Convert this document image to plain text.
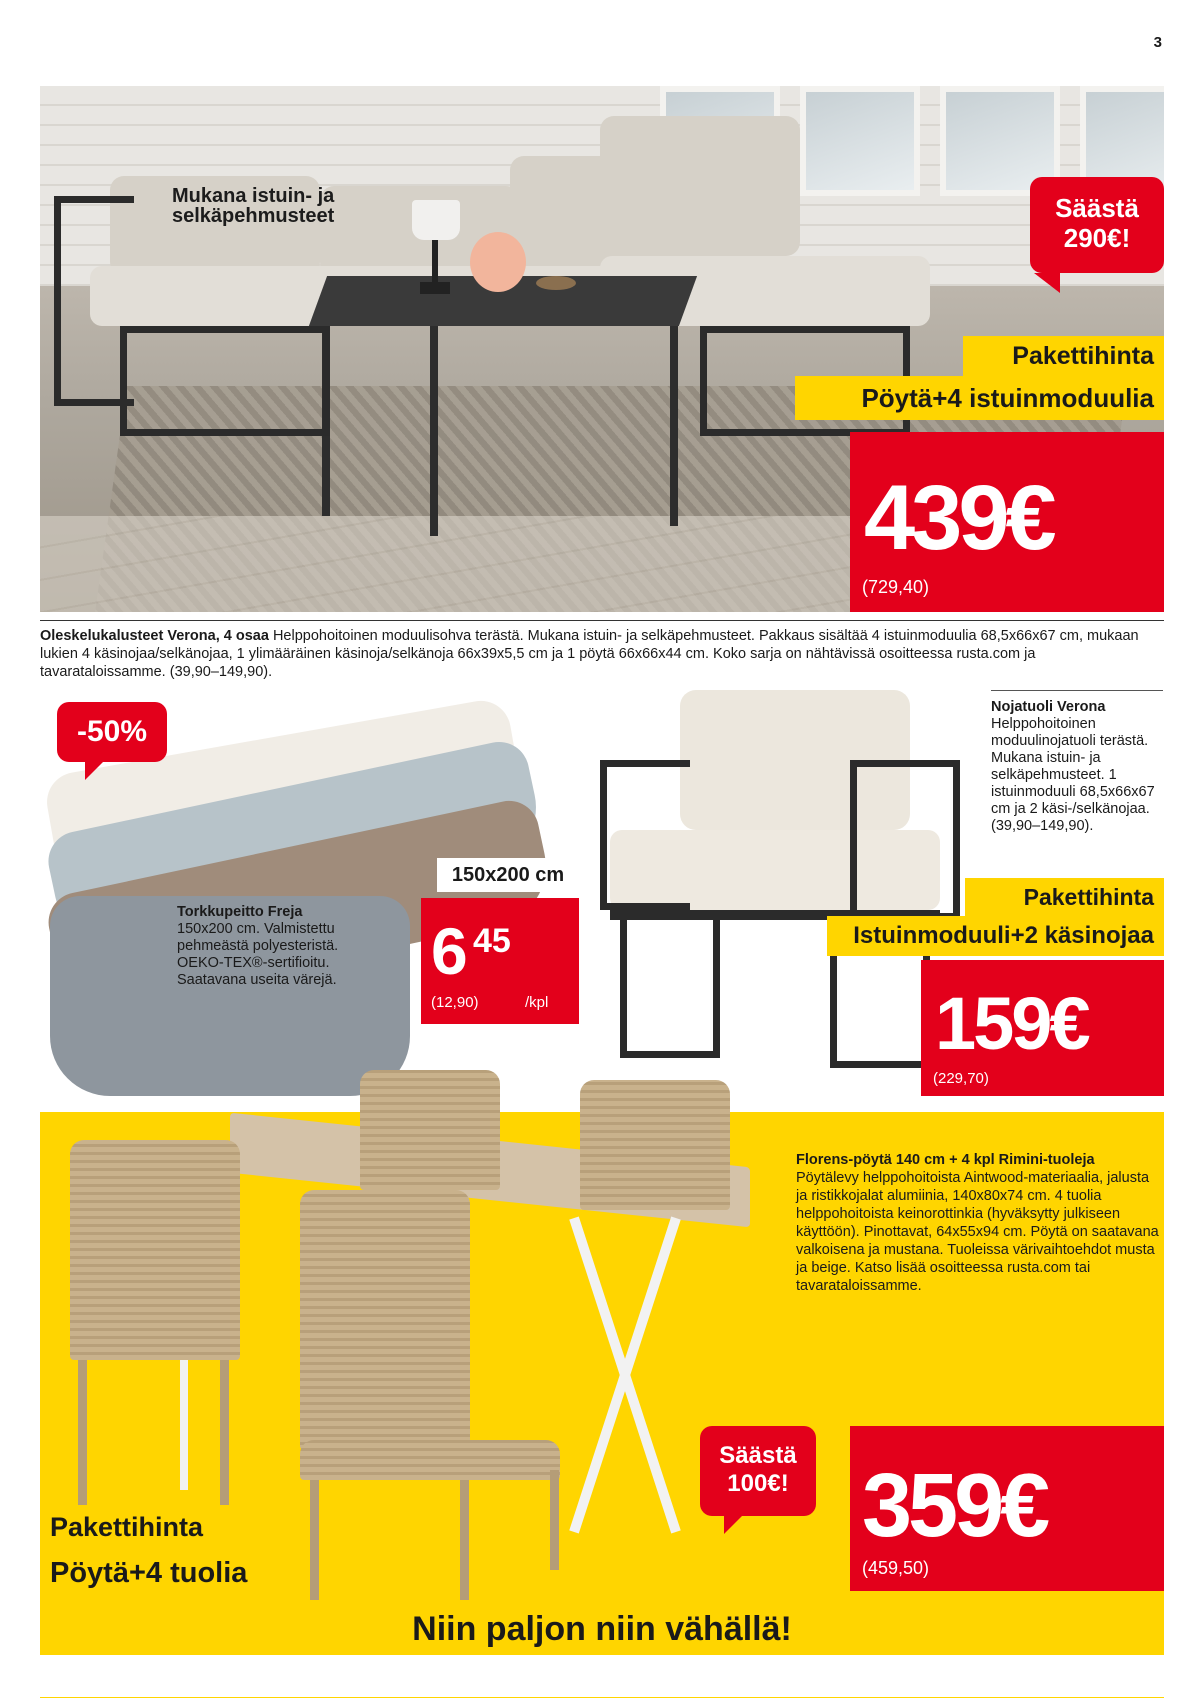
3
Mukana istuin- ja selkäpehmusteet	Säästä 290€!
Pakettihinta
Pöytä+4 istuinmoduulia
439€
(729,40)
Oleskelukalusteet Verona, 4 osaa Helppohoitoinen moduulisohva terästä. Mukana istuin- ja selkäpehmusteet. Pakkaus sisältää 4 istuinmoduulia 68,5x66x67 cm, mukaan lukien 4 käsinojaa/selkänojaa, 1 ylimääräinen käsinoja/selkänoja 66x39x5,5 cm ja 1 pöytä 66x66x44 cm. Koko sarja on nähtävissä osoitteessa rusta.com ja tavarataloissamme. (39,90–149,90).
-50%
150x200 cm
Torkkupeitto Freja
150x200 cm. Valmistettu pehmeästä polyesteristä. OEKO-TEX®-sertifioitu. Saatavana useita värejä.	6 45
(12,90)	/kpl
Nojatuoli Verona
Helppohoitoinen moduulinojatuoli terästä. Mukana istuin- ja selkäpehmusteet. 1 istuinmoduuli 68,5x66x67 cm ja 2 käsi-/selkänojaa. (39,90–149,90).
Pakettihinta
Istuinmoduuli+2 käsinojaa
159€
(229,70)
Florens-pöytä 140 cm + 4 kpl Rimini-tuoleja
Pöytälevy helppohoitoista Aintwood-materiaalia, jalusta ja ristikkojalat alumiinia, 140x80x74 cm. 4 tuolia helppohoitoista keinorottinkia (hyväksytty julkiseen käyttöön). Pinottavat, 64x55x94 cm. Pöytä on saatavana valkoisena ja mustana. Tuoleissa värivaihtoehdot musta ja beige. Katso lisää osoitteessa rusta.com tai tavarataloissamme.
Säästä 100€! 359€
(459,50)
Pakettihinta
Pöytä+4 tuolia
Niin paljon niin vähällä!
